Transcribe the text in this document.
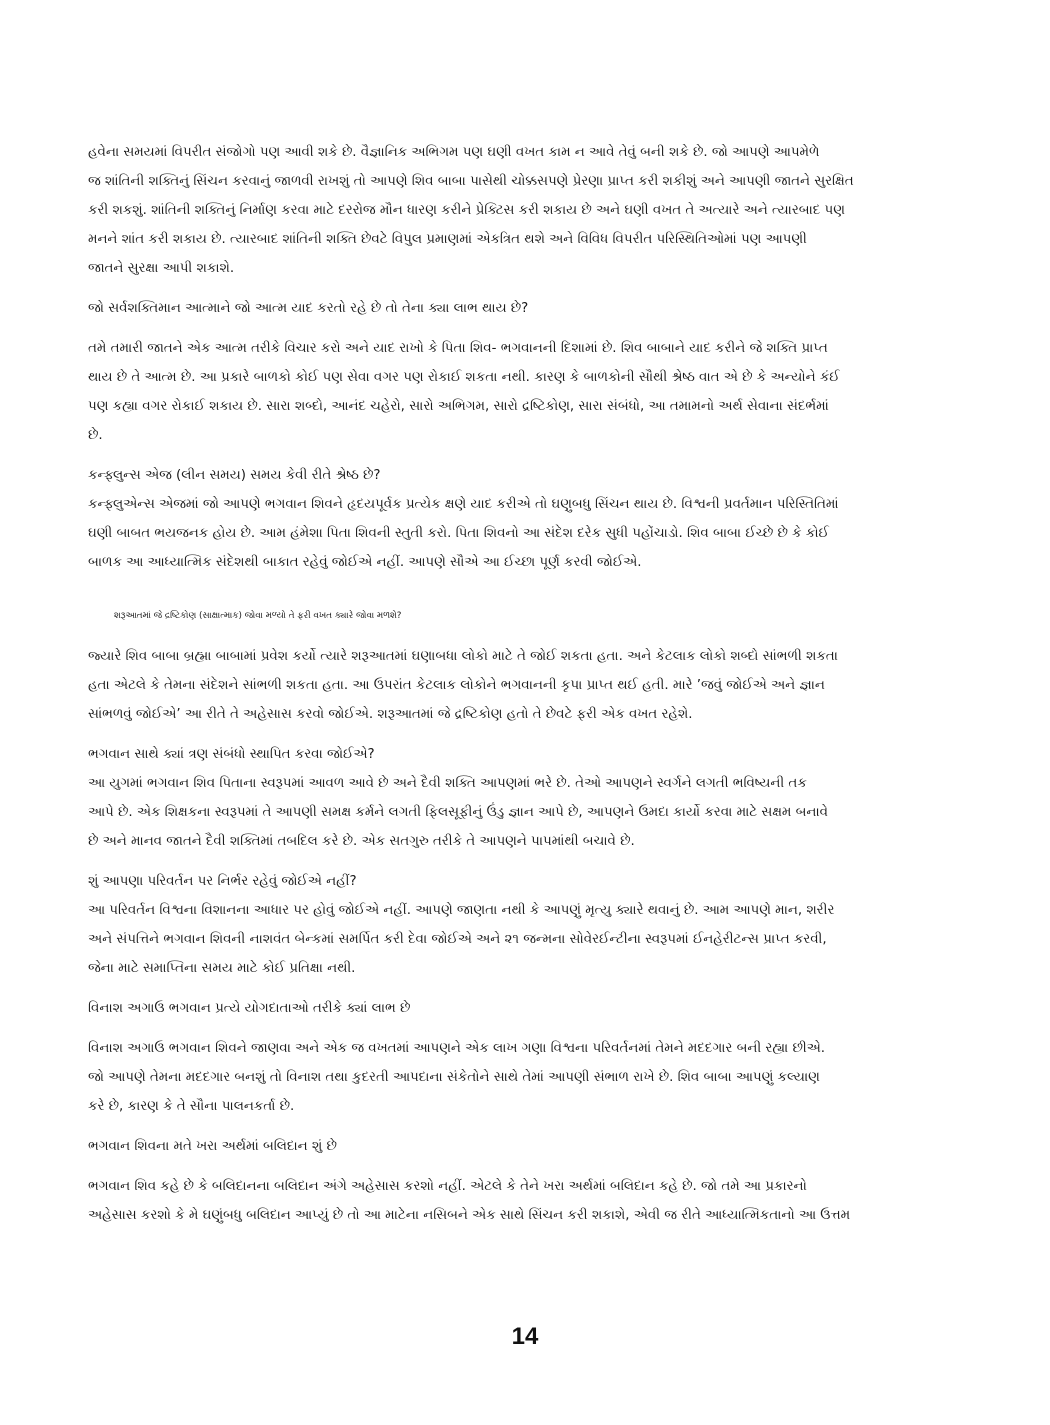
હવેના સમયમાં વિપરીત સંજોગો પણ આવી શકે છે. વૈજ્ઞાનિક અભિગમ પણ ઘણી વખત કામ ન આવે તેવું બની શકે છે. જો આપણે આપમેળે
જ શાંતિની શક્તિનું સિંચન કરવાનું જાળવી રાખશું તો આપણે શિવ બાબા પાસેથી ચોક્કસપણે પ્રેરણા પ્રાપ્ત કરી શકીશું અને આપણી જાતને સુરક્ષિત
કરી શકશું. શાંતિની શક્તિનું નિર્માણ કરવા માટે દરરોજ મૌન ધારણ કરીને પ્રેક્ટિસ કરી શકાય છે અને ઘણી વખત તે અત્યારે અને ત્યારબાદ પણ
મનને શાંત કરી શકાય છે. ત્યારબાદ શાંતિની શક્તિ છેવટે વિપુલ પ્રમાણમાં એકત્રિત થશે અને વિવિધ વિપરીત પરિસ્થિતિઓમાં પણ આપણી
જાતને સુરક્ષા આપી શકાશે.
જો સર્વશક્તિમાન આત્માને જો આત્મ યાદ કરતો રહે છે તો તેના ક્યા લાભ થાય છે?
તમે તમારી જાતને એક આત્મ તરીકે વિચાર કરો અને યાદ રાખો કે પિતા શિવ- ભગવાનની દિશામાં છે. શિવ બાબાને યાદ કરીને જે શક્તિ પ્રાપ્ત
થાય છે તે આત્મ છે. આ પ્રકારે બાળકો કોઈ પણ સેવા વગર પણ રોકાઈ શકતા નથી. કારણ કે બાળકોની સૌથી શ્રેષ્ઠ વાત એ છે કે અન્યોને કંઈ
પણ કહ્યા વગર રોકાઈ શકાય છે. સારા શબ્દો, આનંદ ચહેરો, સારો અભિગમ, સારો દ્રષ્ટિકોણ, સારા સંબંધો, આ તમામનો અર્થ સેવાના સંદર્ભમાં
છે.
કન્ફ્લુન્સ એજ (લીન સમય) સમય કેવી રીતે શ્રેષ્ઠ છે?
કન્ફ્લુએન્સ એજમાં જો આપણે ભગવાન શિવને હૃદયપૂર્વક પ્રત્યેક ક્ષણે યાદ કરીએ તો ઘણુબધુ સિંચન થાય છે. વિશ્વની પ્રવર્તમાન પરિસ્તિતિમાં
ઘણી બાબત ભયજનક હોય છે. આમ હંમેશા પિતા શિવની સ્તુતી કરો. પિતા શિવનો આ સંદેશ દરેક સુધી પહોંચાડો. શિવ બાબા ઈચ્છે છે કે કોઈ
બાળક આ આધ્યાત્મિક સંદેશથી બાકાત રહેવું જોઈએ નહીં. આપણે સૌએ આ ઈચ્છા પૂર્ણ કરવી જોઈએ.
શરૂઆતમાં જે દ્રષ્ટિકોણ (સાક્ષાત્માક) જોવા મળ્યો તે ફરી વખત ક્યારે જોવા મળશે?
જ્યારે શિવ બાબા બ્રહ્મા બાબામાં પ્રવેશ કર્યો ત્યારે શરૂઆતમાં ઘણાબધા લોકો માટે તે જોઈ શકતા હતા. અને કેટલાક લોકો શબ્દો સાંભળી શકતા
હતા એટલે કે તેમના સંદેશને સાંભળી શકતા હતા. આ ઉપરાંત કેટલાક લોકોને ભગવાનની કૃપા પ્રાપ્ત થઈ હતી. મારે ’જવું જોઈએ અને જ્ઞાન
સાંભળવું જોઈએ’ આ રીતે તે અહેસાસ કરવો જોઈએ. શરૂઆતમાં જે દ્રષ્ટિકોણ હતો તે છેવટે ફરી એક વખત રહેશે.
ભગવાન સાથે ક્યાં ત્રણ સંબંધો સ્થાપિત કરવા જોઈએ?
આ યુગમાં ભગવાન શિવ પિતાના સ્વરૂપમાં આવળ આવે છે અને દૈવી શક્તિ આપણમાં ભરે છે. તેઓ આપણને સ્વર્ગને લગતી ભવિષ્યની તક
આપે છે. એક શિક્ષકના સ્વરૂપમાં તે આપણી સમક્ષ કર્મને લગતી ફિલસૂફીનું ઉંડુ જ્ઞાન આપે છે, આપણને ઉમદા કાર્યો કરવા માટે સક્ષમ બનાવે
છે અને માનવ જાતને દૈવી શક્તિમાં તબદિલ કરે છે. એક સતગુરુ તરીકે તે આપણને પાપમાંથી બચાવે છે.
શું આપણા પરિવર્તન પર નિર્ભર રહેવું જોઈએ નહીં?
આ પરિવર્તન વિશ્વના વિશાનના આધાર પર હોવું જોઈએ નહીં. આપણે જાણતા નથી કે આપણું મૃત્યુ ક્યારે થવાનું છે. આમ આપણે માન, શરીર
અને સંપત્તિને ભગવાન શિવની નાશવંત બેન્કમાં સમર્પિત કરી દેવા જોઈએ અને ૨૧ જન્મના સોવેરઈન્ટીના સ્વરૂપમાં ઈનહેરીટન્સ પ્રાપ્ત કરવી,
જેના માટે સમાપ્તિના સમય માટે કોઈ પ્રતિક્ષા નથી.
વિનાશ અગાઉ ભગવાન પ્રત્યે યોગદાતાઓ તરીકે ક્યાં લાભ છે
વિનાશ અગાઉ ભગવાન શિવને જાણવા અને એક જ વખતમાં આપણને એક લાખ ગણા વિશ્વના પરિવર્તનમાં તેમને મદદગાર બની રહ્યા છીએ.
જો આપણે તેમના મદદગાર બનશું તો વિનાશ તથા કુદરતી આપદાના સંકેતોને સાથે તેમાં આપણી સંભાળ રાખે છે. શિવ બાબા આપણું કલ્યાણ
કરે છે, કારણ કે તે સૌના પાલનકર્તા છે.
ભગવાન શિવના મતે ખરા અર્થમાં બલિદાન શું છે
ભગવાન શિવ કહે છે કે બલિદાનના બલિદાન અંગે અહેસાસ કરશો નહીં. એટલે કે તેને ખરા અર્થમાં બલિદાન કહે છે. જો તમે આ પ્રકારનો
અહેસાસ કરશો કે મે ઘણુંબધુ બલિદાન આપ્યું છે તો આ માટેના નસિબને એક સાથે સિંચન કરી શકાશે, એવી જ રીતે આધ્યાત્મિકતાનો આ ઉત્તમ
14
